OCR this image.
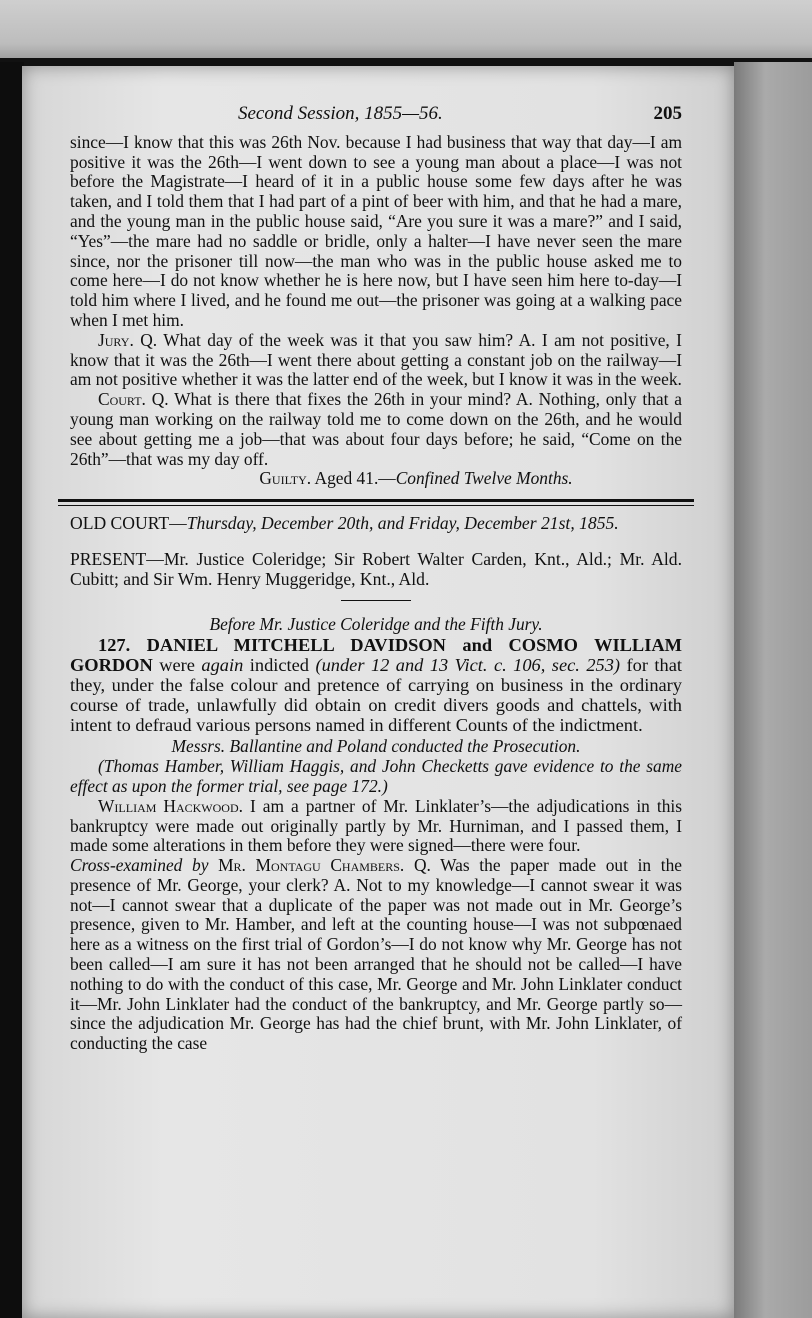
Second Session, 1855—56.	205

since—I know that this was 26th Nov. because I had business that way that day—I am positive it was the 26th—I went down to see a young man about a place—I was not before the Magistrate—I heard of it in a public house some few days after he was taken, and I told them that I had part of a pint of beer with him, and that he had a mare, and the young man in the public house said, “Are you sure it was a mare?” and I said, “Yes”—the mare had no saddle or bridle, only a halter—I have never seen the mare since, nor the prisoner till now—the man who was in the public house asked me to come here—I do not know whether he is here now, but I have seen him here to-day—I told him where I lived, and he found me out—the prisoner was going at a walking pace when I met him.

Jury. Q. What day of the week was it that you saw him? A. I am not positive, I know that it was the 26th—I went there about getting a constant job on the railway—I am not positive whether it was the latter end of the week, but I know it was in the week.

Court. Q. What is there that fixes the 26th in your mind? A. Nothing, only that a young man working on the railway told me to come down on the 26th, and he would see about getting me a job—that was about four days before; he said, “Come on the 26th”—that was my day off.

Guilty. Aged 41.—Confined Twelve Months.

OLD COURT—Thursday, December 20th, and Friday, December 21st, 1855.

PRESENT—Mr. Justice Coleridge; Sir Robert Walter Carden, Knt., Ald.; Mr. Ald. Cubitt; and Sir Wm. Henry Muggeridge, Knt., Ald.

Before Mr. Justice Coleridge and the Fifth Jury.

127. DANIEL MITCHELL DAVIDSON and COSMO WILLIAM GORDON were again indicted (under 12 and 13 Vict. c. 106, sec. 253) for that they, under the false colour and pretence of carrying on business in the ordinary course of trade, unlawfully did obtain on credit divers goods and chattels, with intent to defraud various persons named in different Counts of the indictment.

Messrs. Ballantine and Poland conducted the Prosecution.

(Thomas Hamber, William Haggis, and John Checketts gave evidence to the same effect as upon the former trial, see page 172.)

William Hackwood. I am a partner of Mr. Linklater’s—the adjudications in this bankruptcy were made out originally partly by Mr. Hurniman, and I passed them, I made some alterations in them before they were signed—there were four.

Cross-examined by Mr. Montagu Chambers. Q. Was the paper made out in the presence of Mr. George, your clerk? A. Not to my knowledge—I cannot swear it was not—I cannot swear that a duplicate of the paper was not made out in Mr. George’s presence, given to Mr. Hamber, and left at the counting house—I was not subpœnaed here as a witness on the first trial of Gordon’s—I do not know why Mr. George has not been called—I am sure it has not been arranged that he should not be called—I have nothing to do with the conduct of this case, Mr. George and Mr. John Linklater conduct it—Mr. John Linklater had the conduct of the bankruptcy, and Mr. George partly so—since the adjudication Mr. George has had the chief brunt, with Mr. John Linklater, of conducting the case
